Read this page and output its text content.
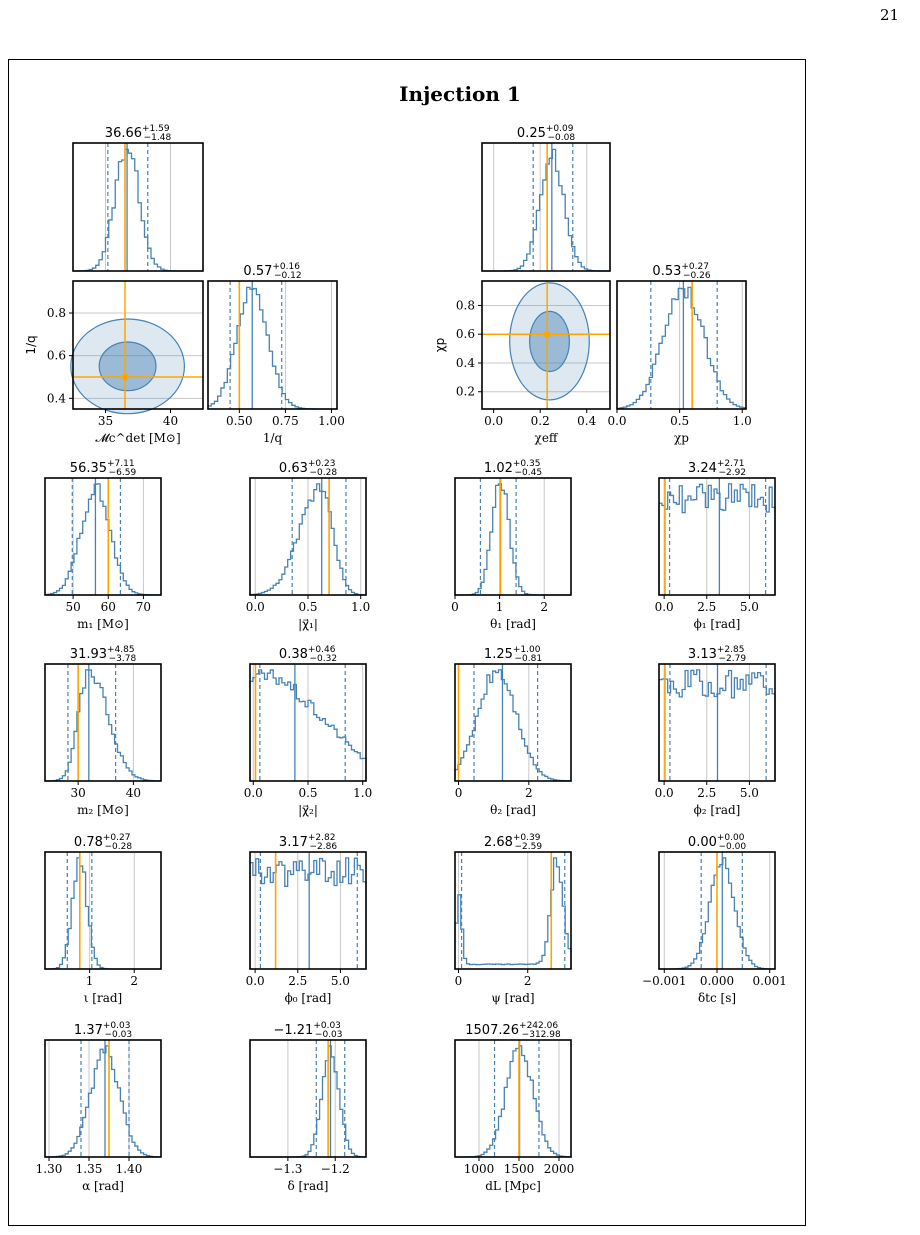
21
Injection 1
$36.66^{+1.59} -1.48$
$0.57^{+0.16} -0.12$
0.50 0.75 1.00
1/q
0.4
0.6
0.8
1/q
35	40
𝓜c^det [M⊙]
$0.25^{+0.09} -0.08$
$0.53^{+0.27} -0.26$
0.0	0.5	1.0
χp
0.2
0.4
0.6
0.8
χp
0.0 0.2 0.4
χeff
$56.35^{+7.11} -6.59$
50 60 70
m₁ [M⊙]
$0.63^{+0.23} -0.28$
0.0	0.5	1.0
|χ⃗₁|
$1.02^{+0.35} -0.45$
0	1	2
θ₁ [rad]
$3.24^{+2.71} -2.92$
0.0 2.5 5.0
ϕ₁ [rad]
$31.93^{+4.85} -3.78$
30	40
m₂ [M⊙]
$0.38^{+0.46} -0.32$
0.0	0.5	1.0
|χ⃗₂|
$1.25^{+1.00} -0.81$
0	2
θ₂ [rad]
$3.13^{+2.85} -2.79$
0.0 2.5 5.0
ϕ₂ [rad]
$0.78^{+0.27} -0.28$
1	2
ι [rad]
$3.17^{+2.82} -2.86$
0.0 2.5 5.0
ϕ₀ [rad]
$2.68^{+0.39} -2.59$
0	2
ψ [rad]
$0.00^{+0.00} -0.00$
−0.001 0.000 0.001
δtc [s]
$1.37^{+0.03} -0.03$
1.30 1.35 1.40
α [rad]
$-1.21^{+0.03} -0.03$
−1.3 −1.2
δ [rad]
$1507.26^{+242.06} -312.98$
1000 1500 2000
dL [Mpc]
